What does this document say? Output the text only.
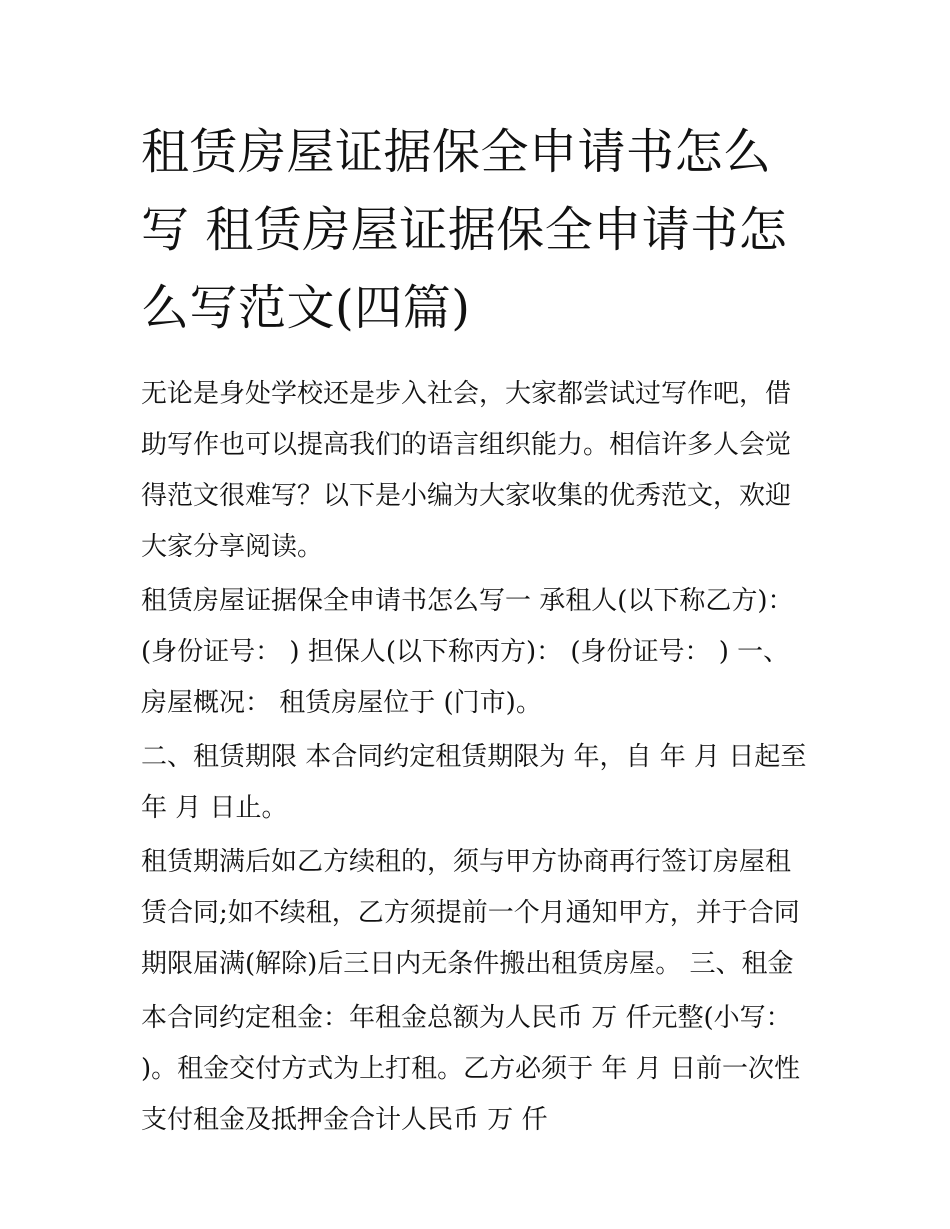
租赁房屋证据保全申请书怎么写 租赁房屋证据保全申请书怎么写范文(四篇)

无论是身处学校还是步入社会，大家都尝试过写作吧，借助写作也可以提高我们的语言组织能力。相信许多人会觉得范文很难写？以下是小编为大家收集的优秀范文，欢迎大家分享阅读。

租赁房屋证据保全申请书怎么写一 承租人(以下称乙方)： (身份证号： ) 担保人(以下称丙方)： (身份证号： ) 一、房屋概况： 租赁房屋位于 (门市)。

二、租赁期限 本合同约定租赁期限为 年，自 年 月 日起至 年 月 日止。

租赁期满后如乙方续租的，须与甲方协商再行签订房屋租赁合同;如不续租，乙方须提前一个月通知甲方，并于合同期限届满(解除)后三日内无条件搬出租赁房屋。 三、租金

本合同约定租金：年租金总额为人民币 万 仟元整(小写： )。租金交付方式为上打租。乙方必须于 年 月 日前一次性支付租金及抵押金合计人民币 万 仟
